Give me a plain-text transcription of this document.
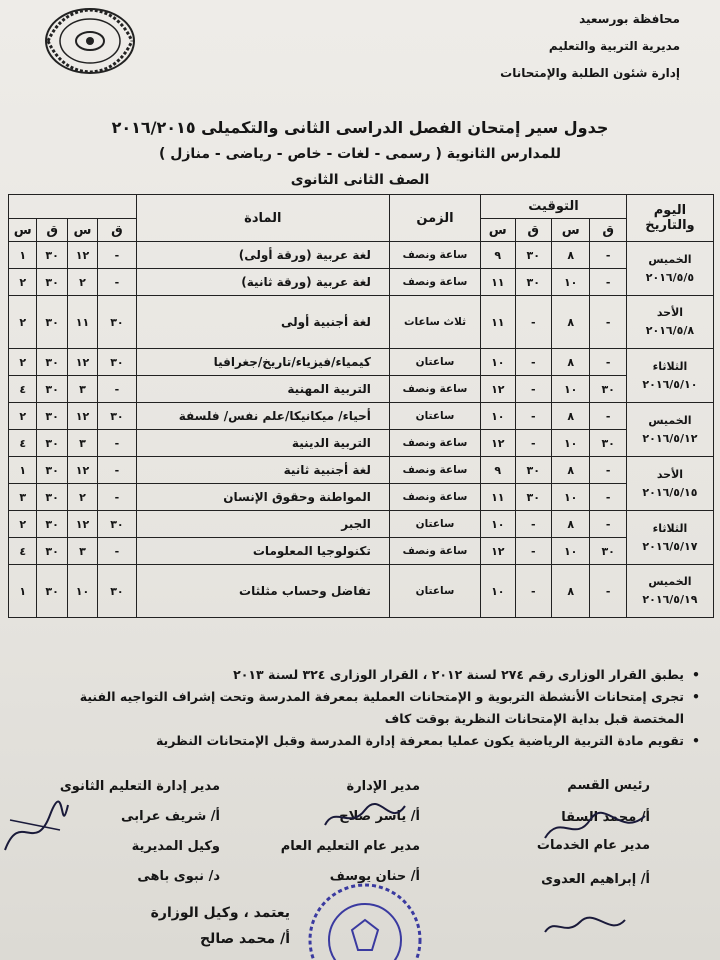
محافظة بورسعيد
مديرية التربية والتعليم
إدارة شئون الطلبة والإمتحانات
جدول سير إمتحان الفصل الدراسى الثانى والتكميلى ٢٠١٦/٢٠١٥
للمدارس الثانوية ( رسمى - لغات - خاص - رياضى - منازل )
الصف الثانى الثانوى
اليوم والتاريخ	التوقيت				الزمن	المادة				
	ق	س	ق	س			ق	س	ق	س

الخميس
٢٠١٦/٥/٥	-	٨	٣٠	٩	ساعة ونصف	لغة عربية (ورقة أولى)	-	١٢	٣٠	١
	-	١٠	٣٠	١١	ساعة ونصف	لغة عربية (ورقة ثانية)	-	٢	٣٠	٢

الأحد
٢٠١٦/٥/٨	-	٨	-	١١	ثلاث ساعات	لغة أجنبية أولى	٣٠	١١	٣٠	٢

الثلاثاء
٢٠١٦/٥/١٠	-	٨	-	١٠	ساعتان	كيمياء/فيزياء/تاريخ/جغرافيا	٣٠	١٢	٣٠	٢
	٣٠	١٠	-	١٢	ساعة ونصف	التربية المهنية	-	٣	٣٠	٤

الخميس
٢٠١٦/٥/١٢	-	٨	-	١٠	ساعتان	أحياء/ ميكانيكا/علم نفس/ فلسفة	٣٠	١٢	٣٠	٢
	٣٠	١٠	-	١٢	ساعة ونصف	التربية الدينية	-	٣	٣٠	٤

الأحد
٢٠١٦/٥/١٥	-	٨	٣٠	٩	ساعة ونصف	لغة أجنبية ثانية	-	١٢	٣٠	١
	-	١٠	٣٠	١١	ساعة ونصف	المواطنة وحقوق الإنسان	-	٢	٣٠	٣

الثلاثاء
٢٠١٦/٥/١٧	-	٨	-	١٠	ساعتان	الجبر	٣٠	١٢	٣٠	٢
	٣٠	١٠	-	١٢	ساعة ونصف	تكنولوجيا المعلومات	-	٣	٣٠	٤

الخميس
٢٠١٦/٥/١٩	-	٨	-	١٠	ساعتان	تفاضل وحساب مثلثات	٣٠	١٠	٣٠	١
•
يطبق القرار الوزارى رقم ٢٧٤ لسنة ٢٠١٢ ، القرار الوزارى ٣٢٤ لسنة ٢٠١٣
•
تجرى إمتحانات الأنشطة التربوية و الإمتحانات العملية بمعرفة المدرسة وتحت إشراف التواجيه الفنية
المختصة قبل بداية الإمتحانات النظرية بوقت كاف
•
تقويم مادة التربية الرياضية يكون عمليا بمعرفة إدارة المدرسة وقبل الإمتحانات النظرية
رئيس القسم
أ/ محمد السقا
مدير عام الخدمات
أ/ إبراهيم العدوى
مدير الإدارة
أ/ ياسر صلاح
مدير عام التعليم العام
أ/ حنان يوسف
مدير إدارة التعليم الثانوى
أ/ شريف عرابى
وكيل المديرية
د/ نبوى باهى
يعتمد ، وكيل الوزارة
أ/ محمد صالح
